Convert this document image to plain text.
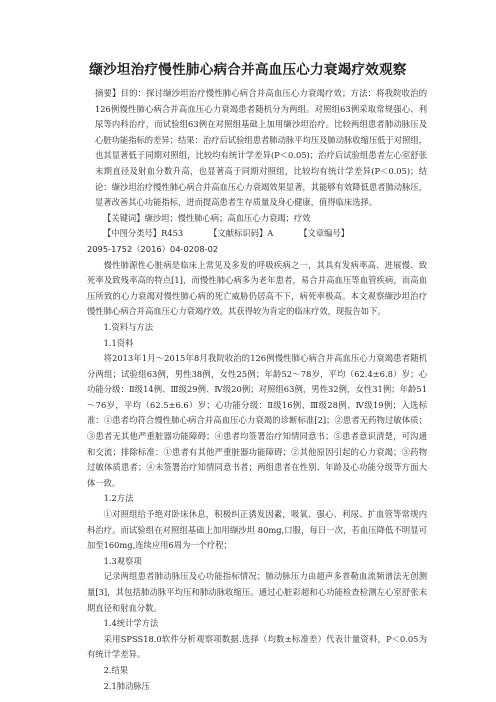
缬沙坦治疗慢性肺心病合并高血压心力衰竭疗效观察

摘要】目的：探讨缬沙坦治疗慢性肺心病合并高血压心力衰竭疗效；方法：将我院收治的126例慢性肺心病合并高血压心力衰竭患者随机分为两组。对照组63例采取常规强心、利尿等内科治疗，而试验组63例在对照组基础上加用缬沙坦治疗。比较两组患者肺动脉压及心脏功能指标的差异；结果：治疗后试验组患者肺动脉平均压及肺动脉收缩压低于对照组，也其显著低于同期对照组，比较均有统计学差异(P＜0.05)；治疗后试验组患者左心室舒张末期直径及射血分数升高，也显著高于同期对照组，比较均有统计学差异(P＜0.05)；结论：缬沙坦治疗慢性肺心病合并高血压心力衰竭效果显著，其能够有效降低患者肺动脉压，显著改善其心功能指标，进而提高患者生存质量及身心健康，值得临床选择。

【关键词】缬沙坦；慢性肺心病；高血压心力衰竭；疗效

【中图分类号】R453	【文献标识码】A	【文章编号】

2095-1752（2016）04-0208-02

慢性肺源性心脏病是临床上常见及多发的呼吸疾病之一，其具有发病率高、进展慢、致死率及致残率高的特点[1]，而慢性肺心病多为老年患者，易合并高血压等血管疾病，而高血压所致的心力衰竭对慢性肺心病的死亡威胁仍居高不下，病死率极高。本文观察缬沙坦治疗慢性肺心病合并高血压心力衰竭疗效。其获得较为肯定的临床疗效，现报告如下。

1.资料与方法

1.1资料

将2013年1月～2015年8月我院收治的126例慢性肺心病合并高血压心力衰竭患者随机分两组；试验组63例，男性38例，女性25例；年龄52～78岁，平均（62.4±6.8）岁；心功能分级：Ⅱ级14例、Ⅲ级29例、Ⅳ级20例；对照组63例，男性32例，女性31例；年龄51～76岁，平均（62.5±6.6）岁；心功能分级：Ⅱ级16例、Ⅲ级28例、Ⅳ级19例；入选标准：①患者均符合慢性肺心病合并高血压心力衰竭的诊断标准[2]；②患者无药物过敏体质；③患者无其他严重脏器功能障碍；④患者均签署治疗知情同意书；⑤患者意识清楚，可沟通和交流；排除标准：①患者有其他严重脏器功能障碍；②其他原因引起的心力衰竭；③药物过敏体质患者；④未签署治疗知情同意书者；两组患者在性别、年龄及心功能分级等方面大体一致。

1.2方法

①对照组给予绝对卧床休息，积极纠正诱发因素，吸氧、强心、利尿、扩血管等常规内科治疗。而试验组在对照组基础上加用缬沙坦 80mg,口服，每日一次，若血压降低不明显可加至160mg,连续应用6周为一个疗程；

1.3观察项

记录两组患者肺动脉压及心功能指标情况；肺动脉压力由超声多普勒血流频谱法无创测量[3]，其包括肺动脉平均压和肺动脉收缩压。通过心脏彩超和心功能检查检测左心室舒张末期直径和射血分数。

1.4统计学方法

采用SPSS18.0软件分析观察项数据.选择（均数±标准差）代表计量资料，P＜0.05为有统计学差异。

2.结果

2.1肺动脉压
